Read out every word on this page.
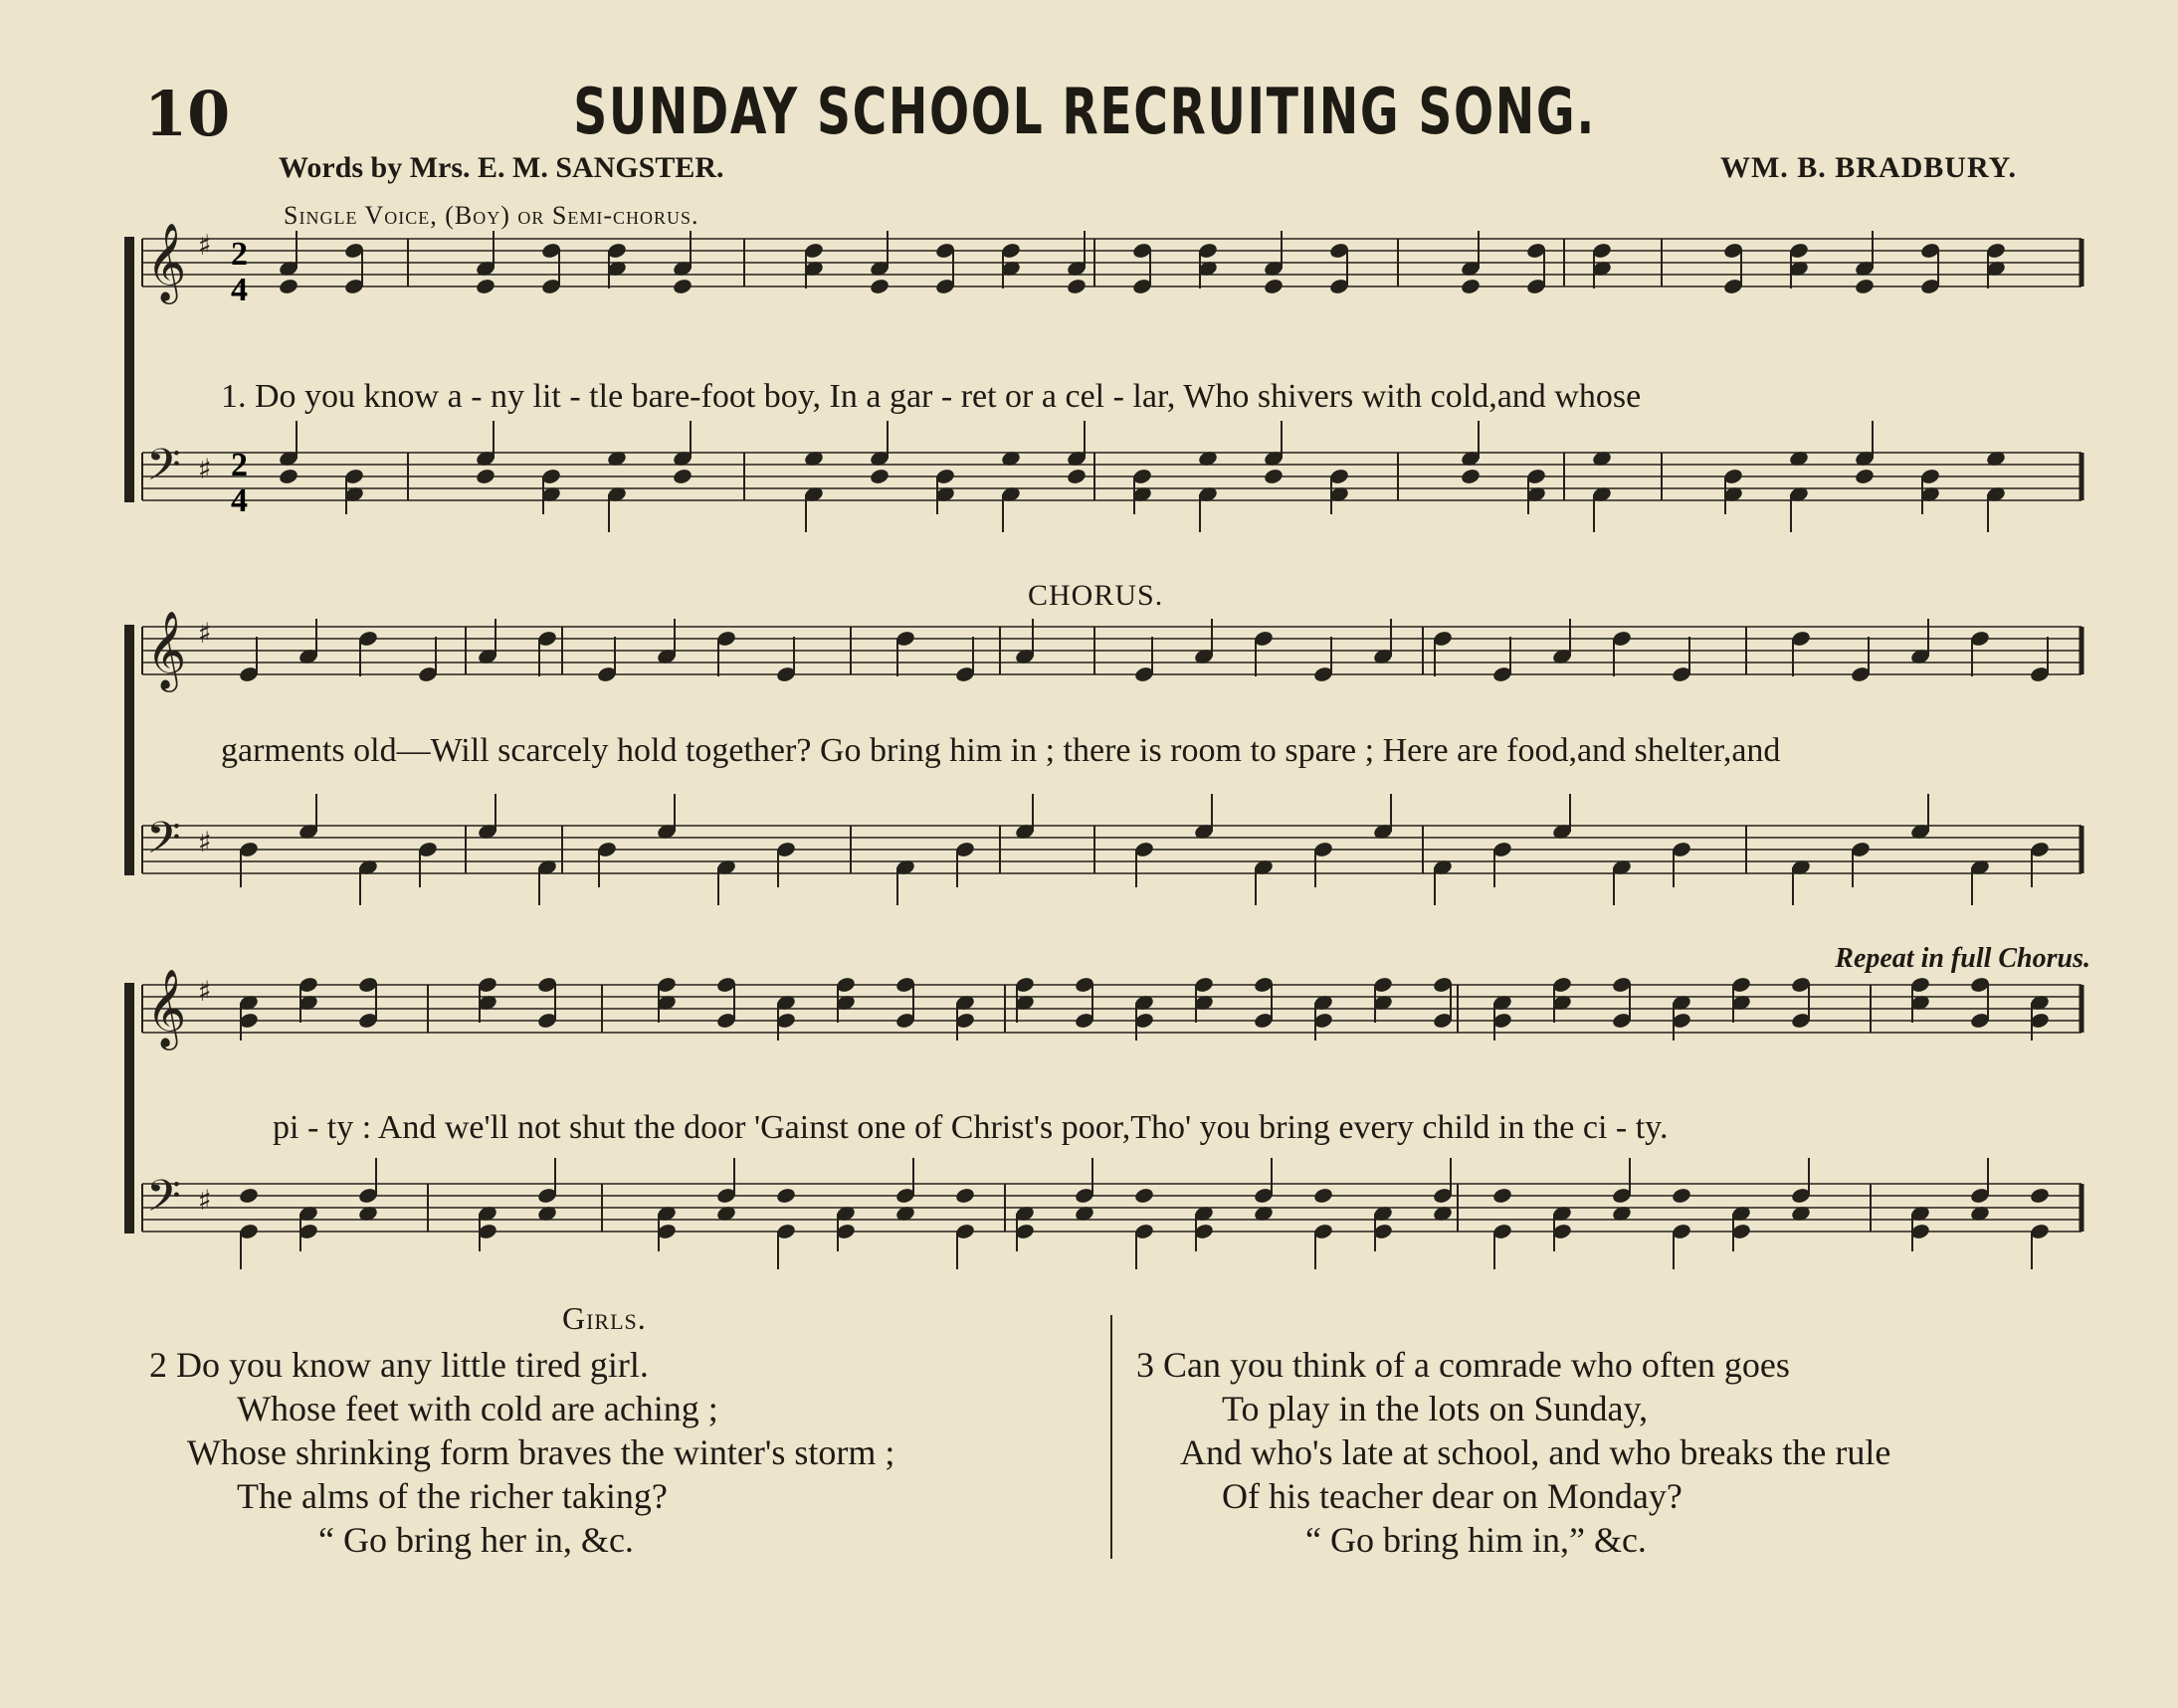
10	SUNDAY SCHOOL RECRUITING SONG.
Words by Mrs. E. M. SANGSTER.	WM. B. BRADBURY.
Single Voice, (Boy) or Semi-chorus.
CHORUS.
Repeat in full Chorus.
𝄞 ♯
𝄢 ♯
𝄞 ♯
𝄢 ♯
𝄞 ♯
𝄢 ♯
2
4
2
4
1. Do you know a - ny lit - tle bare-foot boy, In a gar - ret or a cel - lar, Who shivers with cold,and whose
garments old—Will scarcely hold together? Go bring him in ; there is room to spare ; Here are food,and shelter,and
pi - ty : And we'll not shut the door 'Gainst one of Christ's poor,Tho' you bring every child in the ci - ty.
Girls.
2 Do you know any little tired girl.
Whose feet with cold are aching ;
Whose shrinking form braves the winter's storm ;
The alms of the richer taking?
“ Go bring her in, &c.
3 Can you think of a comrade who often goes
To play in the lots on Sunday,
And who's late at school, and who breaks the rule
Of his teacher dear on Monday?
“ Go bring him in,” &c.
